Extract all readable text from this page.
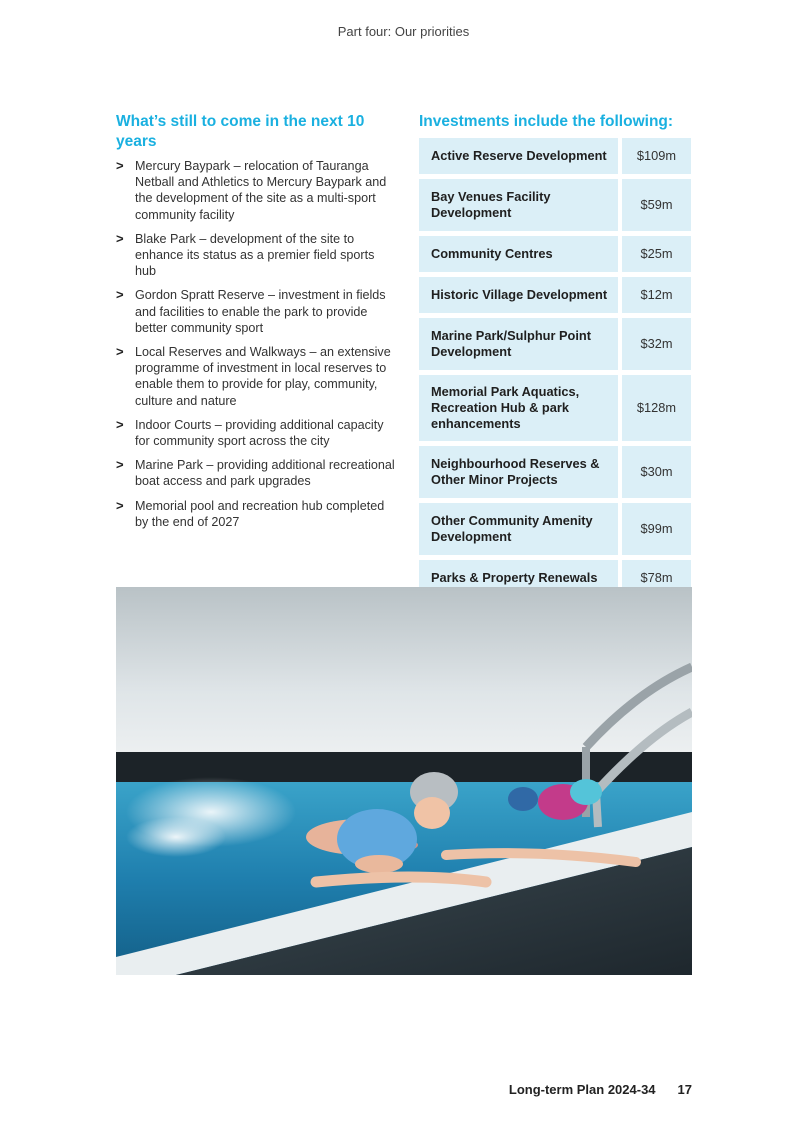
Part four: Our priorities
What’s still to come in the next 10 years
> Mercury Baypark – relocation of Tauranga Netball and Athletics to Mercury Baypark and the development of the site as a multi-sport community facility
> Blake Park – development of the site to enhance its status as a premier field sports hub
> Gordon Spratt Reserve – investment in fields and facilities to enable the park to provide better community sport
> Local Reserves and Walkways – an extensive programme of investment in local reserves to enable them to provide for play, community, culture and nature
> Indoor Courts – providing additional capacity for community sport across the city
> Marine Park – providing additional recreational boat access and park upgrades
> Memorial pool and recreation hub completed by the end of 2027
Investments include the following:
Active Reserve Development	$109m
Bay Venues Facility Development	$59m
Community Centres	$25m
Historic Village Development	$12m
Marine Park/Sulphur Point Development	$32m
Memorial Park Aquatics, Recreation Hub & park enhancements	$128m
Neighbourhood Reserves & Other Minor Projects	$30m
Other Community Amenity Development	$99m
Parks & Property Renewals	$78m
Long-term Plan 2024-34 17
